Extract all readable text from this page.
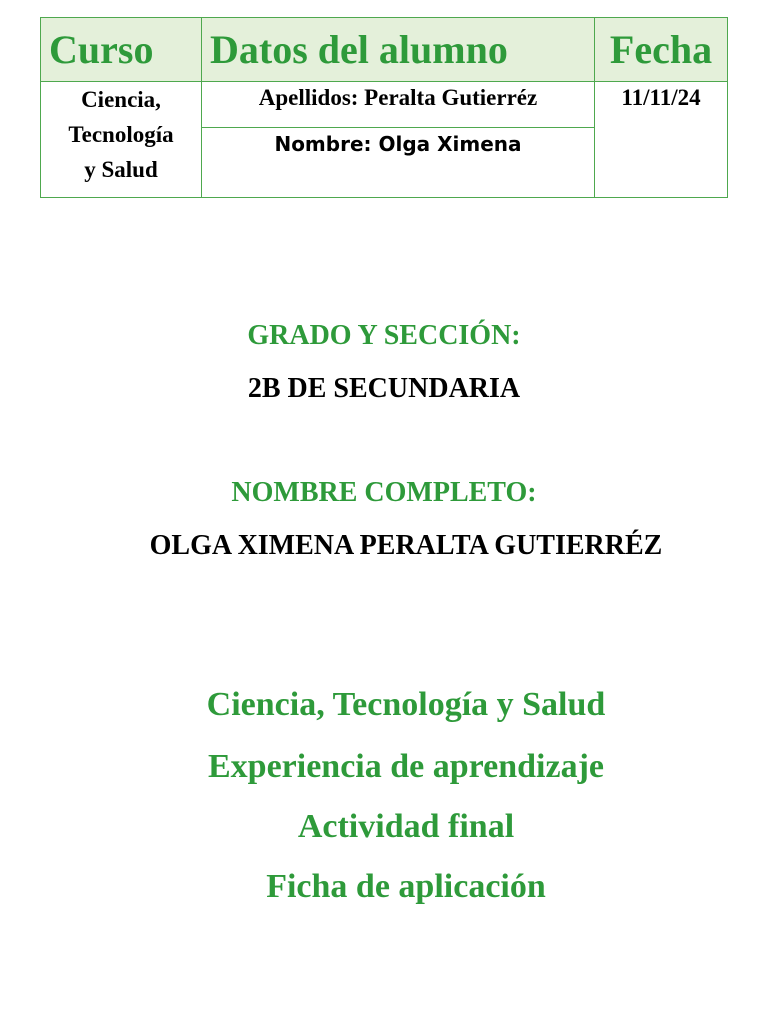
Curso	Datos del alumno	Fecha

Ciencia,
Tecnología
y Salud	Apellidos: Peralta Gutierréz	11/11/24
	Nombre: Olga Ximena	
GRADO Y SECCIÓN:
2B DE SECUNDARIA
NOMBRE COMPLETO:
OLGA XIMENA PERALTA GUTIERRÉZ
Ciencia, Tecnología y Salud
Experiencia de aprendizaje
Actividad final
Ficha de aplicación
